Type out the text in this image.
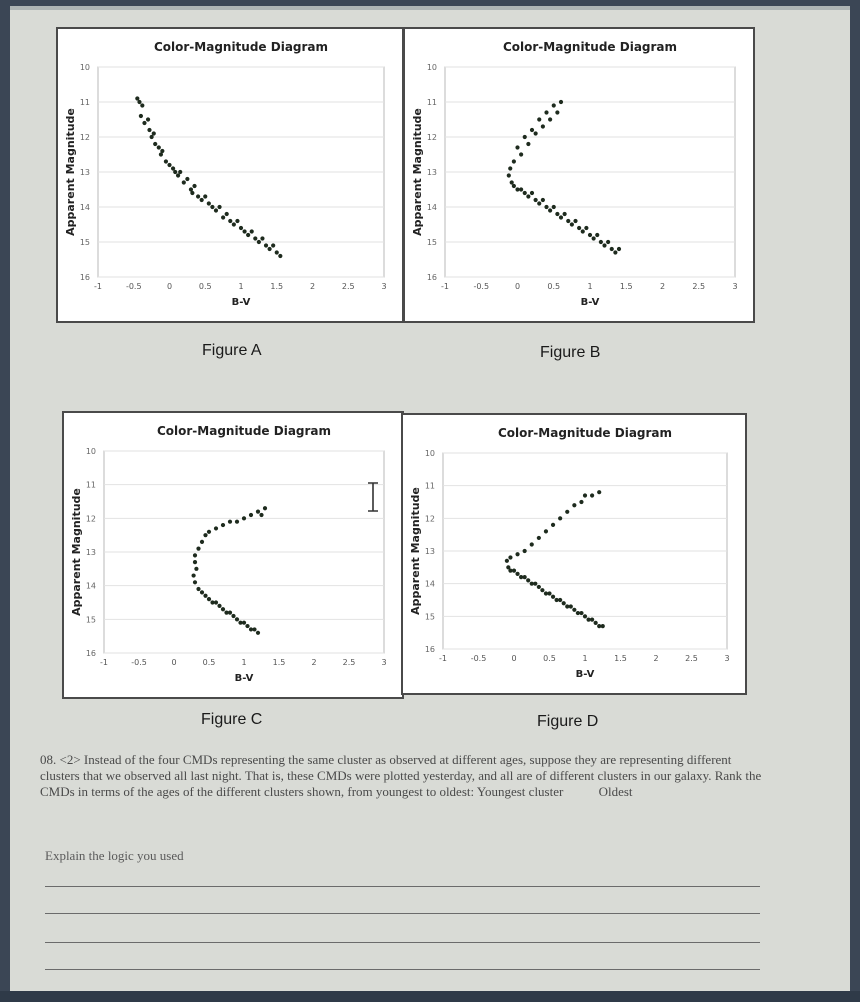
Color-Magnitude Diagram
10
11
12
13
14
15
16
-1	-0.5	0	0.5	1	1.5	2	2.5	3
B-V
Apparent Magnitude
Color-Magnitude Diagram
10
11
12
13
14
15
16
-1	-0.5	0	0.5	1	1.5	2	2.5	3
B-V
Apparent Magnitude
Color-Magnitude Diagram
10
11
12
13
14
15
16
-1	-0.5	0	0.5	1	1.5	2	2.5	3
B-V
Apparent Magnitude
Color-Magnitude Diagram
10
11
12
13
14
15
16
-1	-0.5	0	0.5	1	1.5	2	2.5	3
B-V
Apparent Magnitude
Figure A	Figure B
Figure C	Figure D
08. <2> Instead of the four CMDs representing the same cluster as observed at different ages, suppose they are representing different clusters that we observed all last night. That is, these CMDs were plotted yesterday, and all are of different clusters in our galaxy. Rank the CMDs in terms of the ages of the different clusters shown, from youngest to oldest: Youngest cluster	Oldest
Explain the logic you used
